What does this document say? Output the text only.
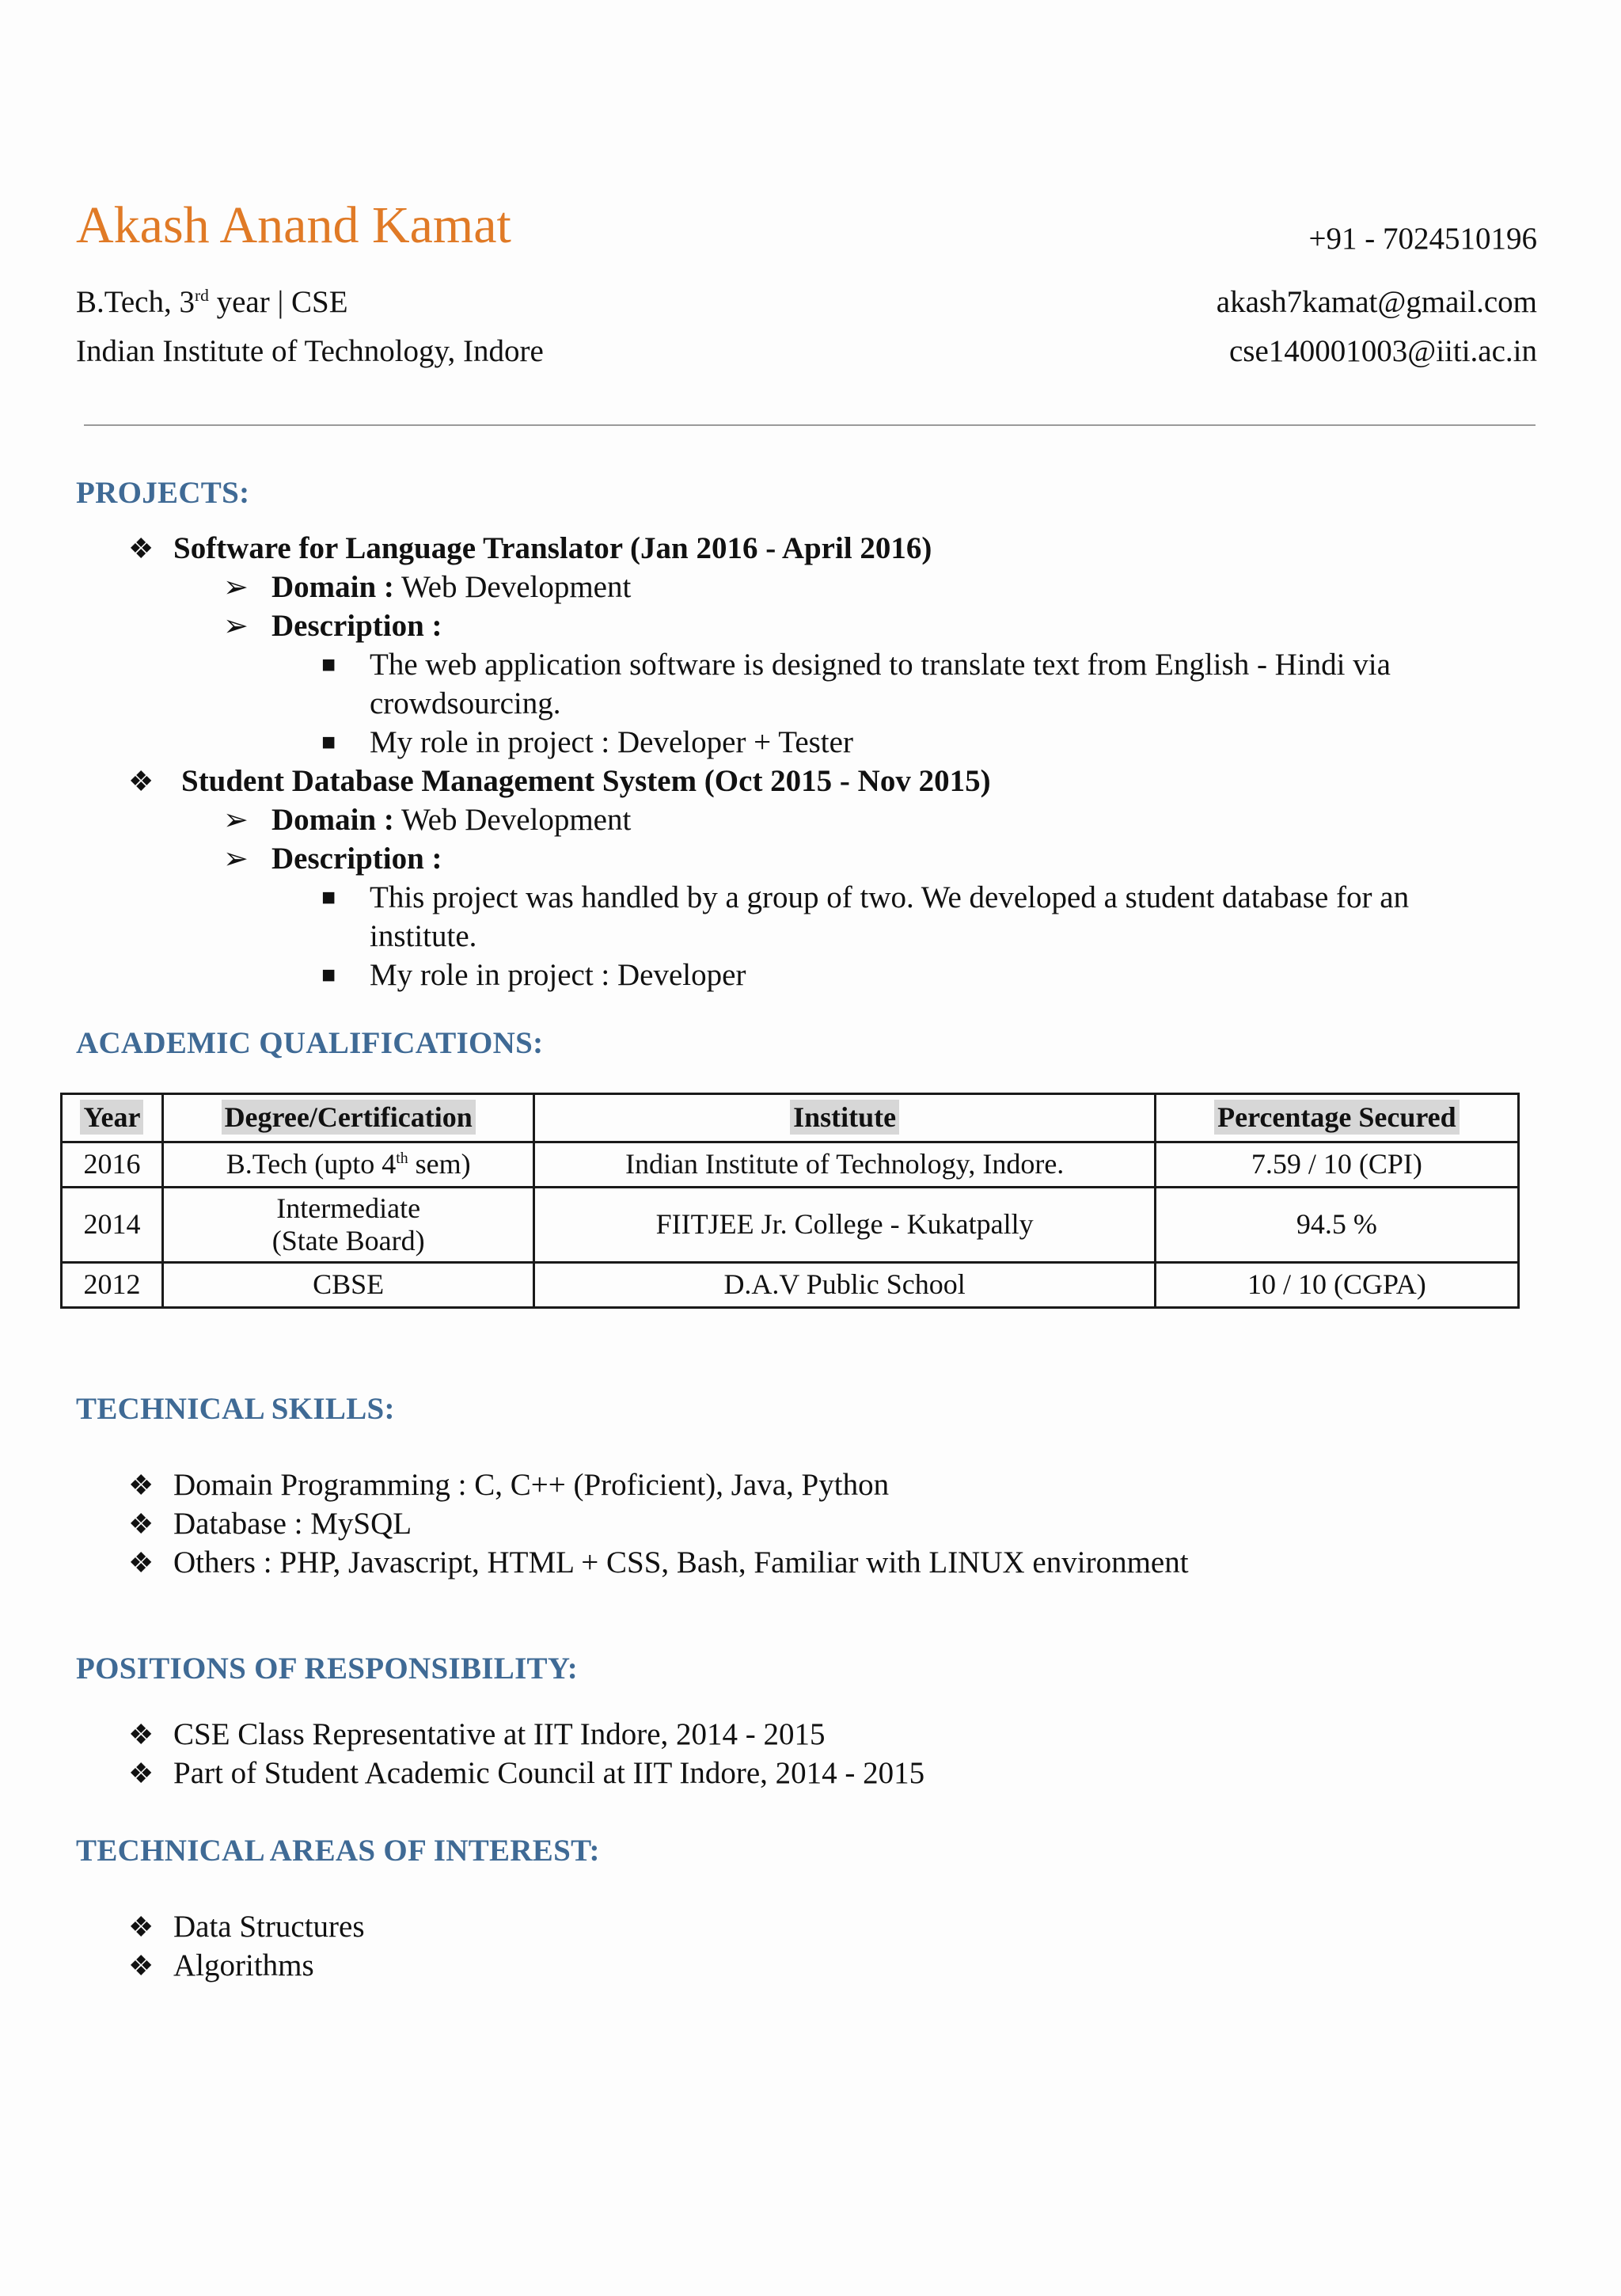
Akash Anand Kamat	+91 - 7024510196
B.Tech, 3rd year | CSE	akash7kamat@gmail.com
Indian Institute of Technology, Indore	cse140001003@iiti.ac.in
PROJECTS:
❖ Software for Language Translator (Jan 2016 - April 2016)
➢ Domain : Web Development
➢ Description :
■ The web application software is designed to translate text from English - Hindi via
crowdsourcing.
■ My role in project : Developer + Tester
❖ Student Database Management System (Oct 2015 - Nov 2015)
➢ Domain : Web Development
➢ Description :
■ This project was handled by a group of two. We developed a student database for an
institute.
■ My role in project : Developer
ACADEMIC QUALIFICATIONS:
Year	Degree/Certification	Institute	Percentage Secured
2016	B.Tech (upto 4th sem)	Indian Institute of Technology, Indore.	7.59 / 10 (CPI)
2014	Intermediate
(State Board)	FIITJEE Jr. College - Kukatpally	94.5 %
2012	CBSE	D.A.V Public School	10 / 10 (CGPA)
TECHNICAL SKILLS:
❖ Domain Programming : C, C++ (Proficient), Java, Python
❖ Database : MySQL
❖ Others : PHP, Javascript, HTML + CSS, Bash, Familiar with LINUX environment
POSITIONS OF RESPONSIBILITY:
❖ CSE Class Representative at IIT Indore, 2014 - 2015
❖ Part of Student Academic Council at IIT Indore, 2014 - 2015
TECHNICAL AREAS OF INTEREST:
❖ Data Structures
❖ Algorithms
